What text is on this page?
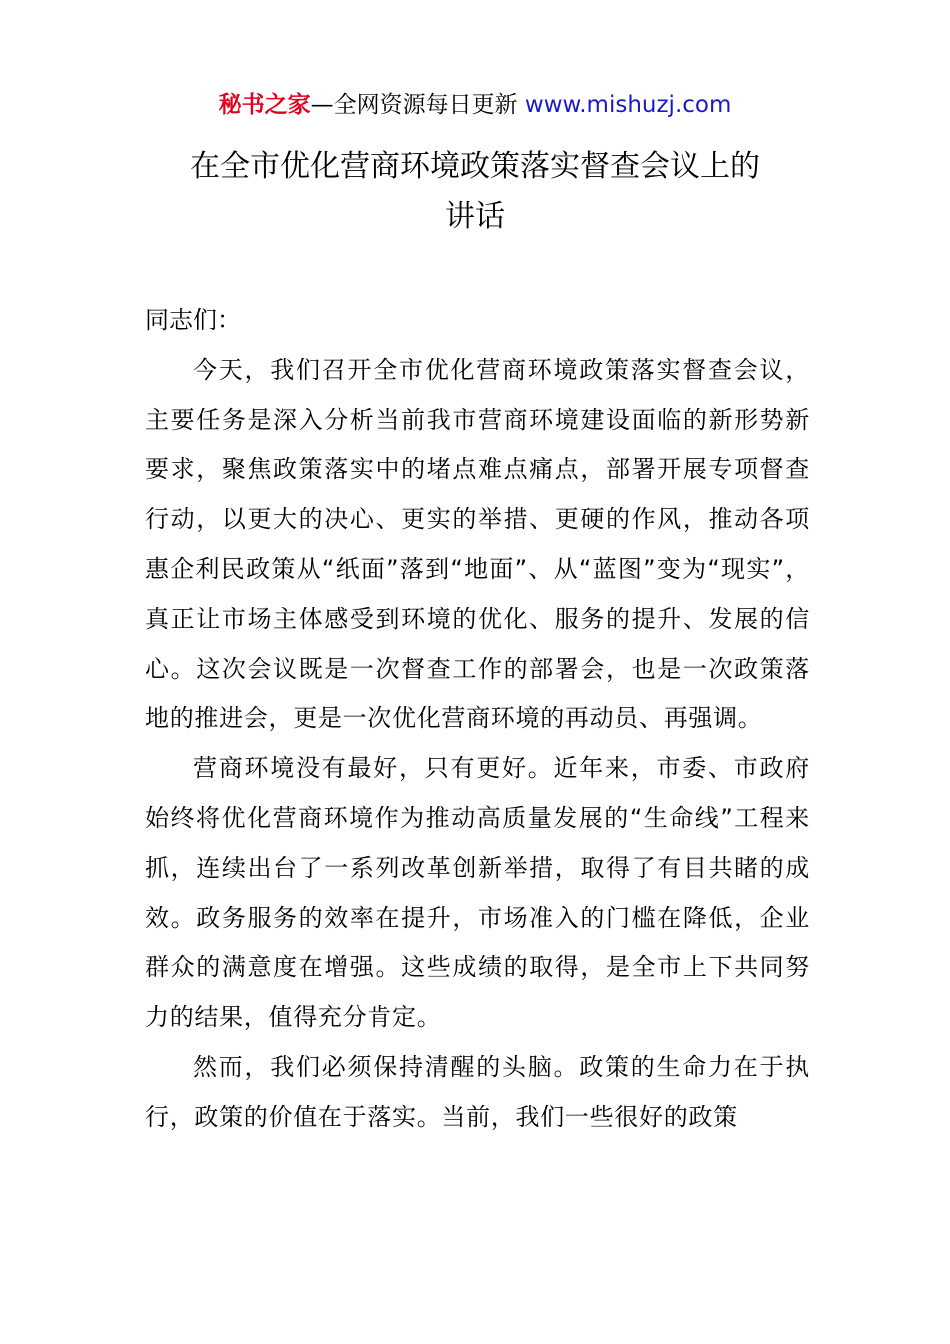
秘书之家—全网资源每日更新 www.mishuzj.com
在全市优化营商环境政策落实督查会议上的
讲话

同志们：

今天，我们召开全市优化营商环境政策落实督查会议，主要任务是深入分析当前我市营商环境建设面临的新形势新要求，聚焦政策落实中的堵点难点痛点，部署开展专项督查行动，以更大的决心、更实的举措、更硬的作风，推动各项惠企利民政策从“纸面”落到“地面”、从“蓝图”变为“现实”，真正让市场主体感受到环境的优化、服务的提升、发展的信心。这次会议既是一次督查工作的部署会，也是一次政策落地的推进会，更是一次优化营商环境的再动员、再强调。

营商环境没有最好，只有更好。近年来，市委、市政府始终将优化营商环境作为推动高质量发展的“生命线”工程来抓，连续出台了一系列改革创新举措，取得了有目共睹的成效。政务服务的效率在提升，市场准入的门槛在降低，企业群众的满意度在增强。这些成绩的取得，是全市上下共同努力的结果，值得充分肯定。

然而，我们必须保持清醒的头脑。政策的生命力在于执行，政策的价值在于落实。当前，我们一些很好的政策
